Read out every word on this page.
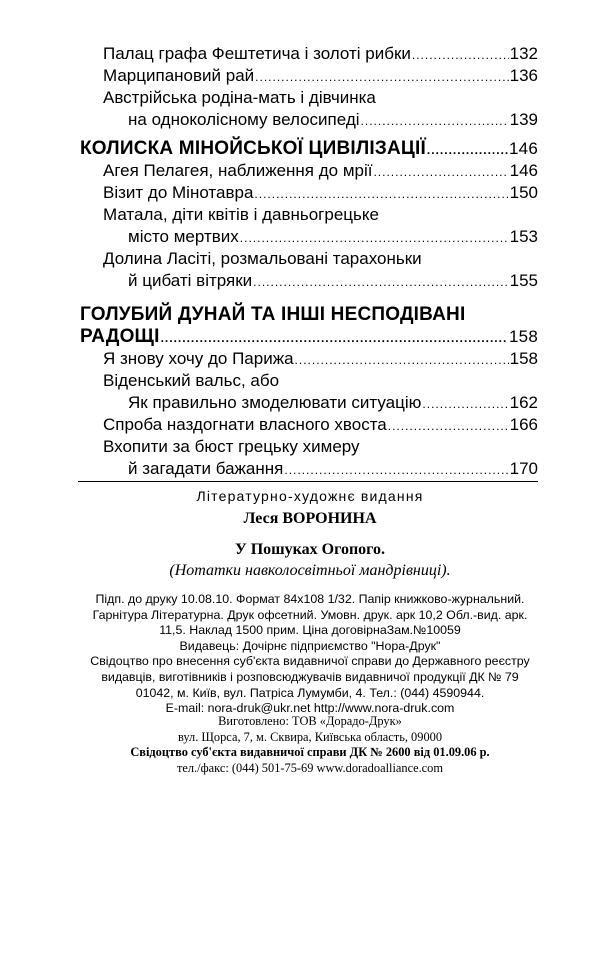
Палац графа Фештетича і золоті рибки .....	132
Марципановий рай .....	136
Австрійська родіна-мать і дівчинка
на одноколісному велосипеді .....	139
КОЛИСКА МІНОЙСЬКОЇ ЦИВІЛІЗАЦІЇ .....	146
Агея Пелагея, наближення до мрії .....	146
Візит до Мінотавра .....	150
Матала, діти квітів і давньогрецьке
місто мертвих .....	153
Долина Ласіті, розмальовані тарахоньки
й цибаті вітряки .....	155
ГОЛУБИЙ ДУНАЙ ТА ІНШІ НЕСПОДІВАНІ
РАДОЩІ .....	158
Я знову хочу до Парижа .....	158
Віденський вальс, або
Як правильно змоделювати ситуацію .....	162
Спроба наздогнати власного хвоста .....	166
Вхопити за бюст грецьку химеру
й загадати бажання .....	170
Літературно-художнє видання
Леся ВОРОНИНА
У Пошуках Огопого.
(Нотатки навколосвітньої мандрівниці).
Підп. до друку 10.08.10. Формат 84х108 1/32. Папір книжково-журнальний.
Гарнітура Літературна. Друк офсетний. Умовн. друк. арк 10,2 Обл.-вид. арк.
11,5. Наклад 1500 прим. Ціна договірнаЗам.№10059
Видавець: Дочірнє підприємство "Нора-Друк"
Свідоцтво про внесення суб'єкта видавничої справи до Державного реєстру
видавців, виготівників і розповсюджувачів видавничої продукції ДК № 79
01042, м. Київ, вул. Патріса Лумумби, 4. Тел.: (044) 4590944.
E-mail: nora-druk@ukr.net http://www.nora-druk.com
Виготовлено: ТОВ «Дорадо-Друк»
вул. Щорса, 7, м. Сквира, Київська область, 09000
Свідоцтво суб'єкта видавничої справи ДК № 2600 від 01.09.06 р.
тел./факс: (044) 501-75-69 www.doradoalliance.com
